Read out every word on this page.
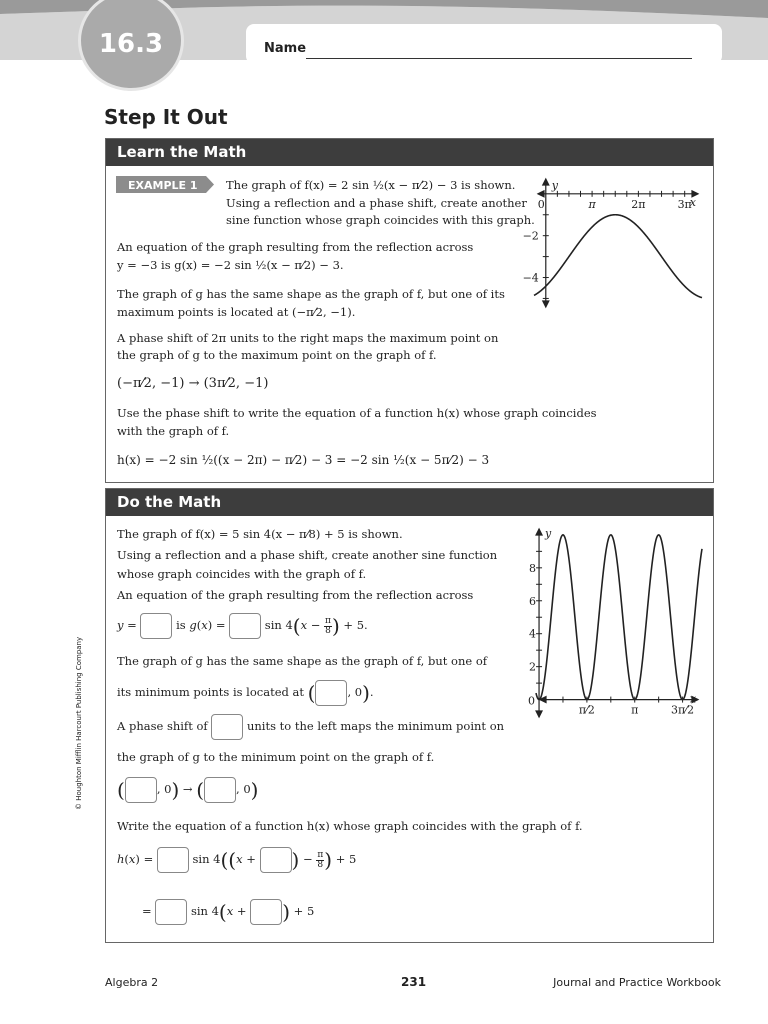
Name
16.3
Step It Out
Learn the Math
EXAMPLE 1 The graph of f(x) = 2 sin ½(x − π⁄2) − 3 is shown.
Using a reflection and a phase shift, create another
sine function whose graph coincides with this graph.
An equation of the graph resulting from the reflection across
y = −3 is g(x) = −2 sin ½(x − π⁄2) − 3.
The graph of g has the same shape as the graph of f, but one of its
maximum points is located at (−π⁄2, −1).
A phase shift of 2π units to the right maps the maximum point on
the graph of g to the maximum point on the graph of f.
(−π⁄2, −1) → (3π⁄2, −1)
Use the phase shift to write the equation of a function h(x) whose graph coincides
with the graph of f.
h(x) = −2 sin ½((x − 2π) − π⁄2) − 3 = −2 sin ½(x − 5π⁄2) − 3
0	π	2π	3π
−2
−4
x
y
Do the Math
The graph of f(x) = 5 sin 4(x − π⁄8) + 5 is shown.
Using a reflection and a phase shift, create another sine function
whose graph coincides with the graph of f.
An equation of the graph resulting from the reflection across
y =	is g(x) =	$\sin 4(x - \frac{\pi}{8}$ ) + 5.
The graph of g has the same shape as the graph of f, but one of
its minimum points is located at (	, 0).
A phase shift of	units to the left maps the minimum point on
the graph of g to the minimum point on the graph of f.
(	, 0) → (	, 0)
Write the equation of a function h(x) whose graph coincides with the graph of f.
h(x) =	sin 4((x + ) − $\frac{\pi}{8}$ ) + 5
=	sin 4(x + ) + 5
0
π⁄2	π	3π⁄2
2
4
6
8
x
y
© Houghton Mifflin Harcourt Publishing Company
Algebra 2	231	Journal and Practice Workbook
